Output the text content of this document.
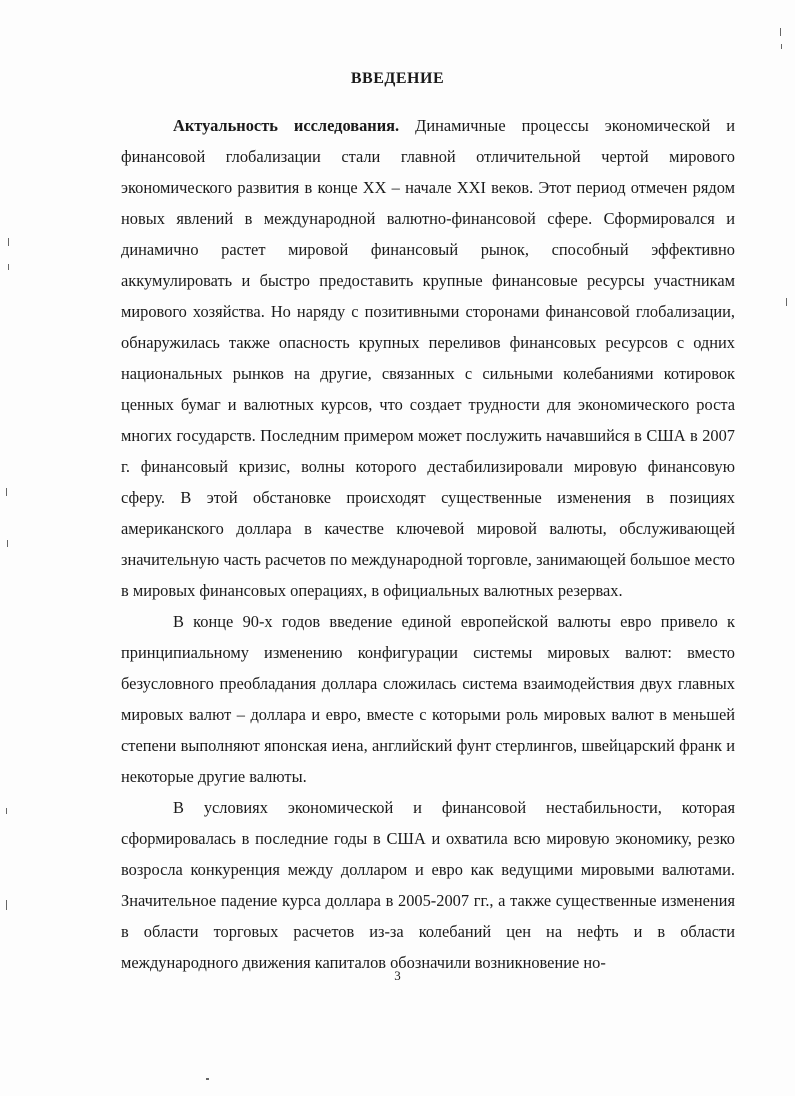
ВВЕДЕНИЕ

Актуальность исследования. Динамичные процессы экономической и финансовой глобализации стали главной отличительной чертой мирового экономического развития в конце XX – начале XXI веков. Этот период отмечен рядом новых явлений в международной валютно-финансовой сфере. Сформировался и динамично растет мировой финансовый рынок, способный эффективно аккумулировать и быстро предоставить крупные финансовые ресурсы участникам мирового хозяйства. Но наряду с позитивными сторонами финансовой глобализации, обнаружилась также опасность крупных переливов финансовых ресурсов с одних национальных рынков на другие, связанных с сильными колебаниями котировок ценных бумаг и валютных курсов, что создает трудности для экономического роста многих государств. Последним примером может послужить начавшийся в США в 2007 г. финансовый кризис, волны которого дестабилизировали мировую финансовую сферу. В этой обстановке происходят существенные изменения в позициях американского доллара в качестве ключевой мировой валюты, обслуживающей значительную часть расчетов по международной торговле, занимающей большое место в мировых финансовых операциях, в официальных валютных резервах.

В конце 90-х годов введение единой европейской валюты евро привело к принципиальному изменению конфигурации системы мировых валют: вместо безусловного преобладания доллара сложилась система взаимодействия двух главных мировых валют – доллара и евро, вместе с которыми роль мировых валют в меньшей степени выполняют японская иена, английский фунт стерлингов, швейцарский франк и некоторые другие валюты.

В условиях экономической и финансовой нестабильности, которая сформировалась в последние годы в США и охватила всю мировую экономику, резко возросла конкуренция между долларом и евро как ведущими мировыми валютами. Значительное падение курса доллара в 2005-2007 гг., а также существенные изменения в области торговых расчетов из-за колебаний цен на нефть и в области международного движения капиталов обозначили возникновение но-

3
